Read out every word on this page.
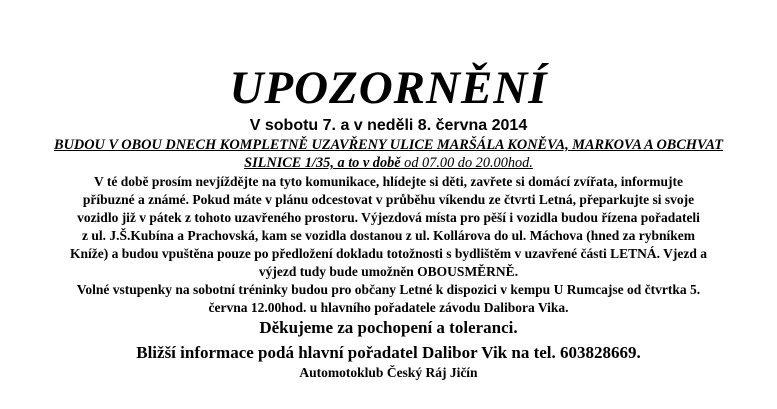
UPOZORNĚNÍ
V sobotu 7. a v neděli 8. června 2014
BUDOU V OBOU DNECH KOMPLETNĚ UZAVŘENY ULICE MARŠÁLA KONĚVA, MARKOVA A OBCHVAT
SILNICE 1/35, a to v době od 07.00 do 20.00hod.
V té době prosím nevjíždějte na tyto komunikace, hlídejte si děti, zavřete si domácí zvířata, informujte
příbuzné a známé. Pokud máte v plánu odcestovat v průběhu víkendu ze čtvrti Letná, přeparkujte si svoje
vozidlo již v pátek z tohoto uzavřeného prostoru. Výjezdová místa pro pěší i vozidla budou řízena pořadateli
z ul. J.Š.Kubína a Prachovská, kam se vozidla dostanou z ul. Kollárova do ul. Máchova (hned za rybníkem
Kníže) a budou vpuštěna pouze po předložení dokladu totožnosti s bydlištěm v uzavřené části LETNÁ. Vjezd a
výjezd tudy bude umožněn OBOUSMĚRNĚ.
Volné vstupenky na sobotní tréninky budou pro občany Letné k dispozici v kempu U Rumcajse od čtvrtka 5.
června 12.00hod. u hlavního pořadatele závodu Dalibora Vika.
Děkujeme za pochopení a toleranci.
Bližší informace podá hlavní pořadatel Dalibor Vik na tel. 603828669.
Automotoklub Český Ráj Jičín
